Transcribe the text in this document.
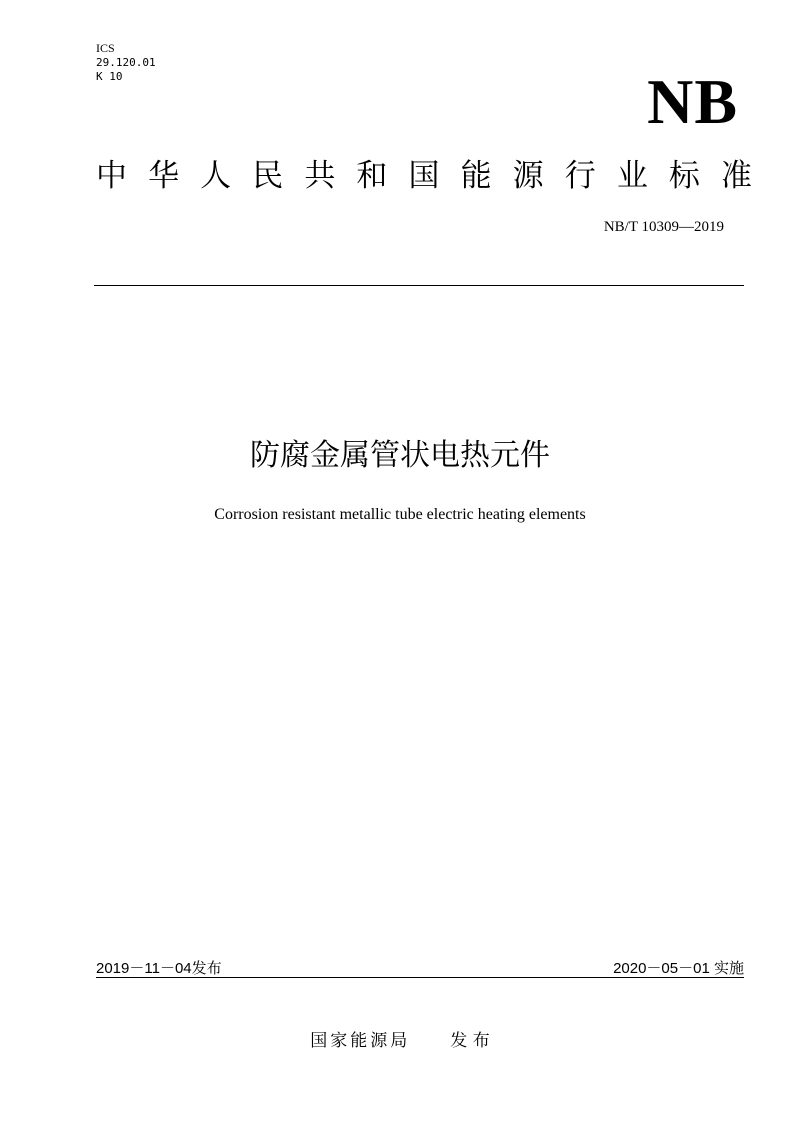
ICS
29.120.01
K 10	NB
中华人民共和国能源行业标准
NB/T 10309—2019
防腐金属管状电热元件
Corrosion resistant metallic tube electric heating elements
2019－11－04发布	2020－05－01 实施
国家能源局 发 布
